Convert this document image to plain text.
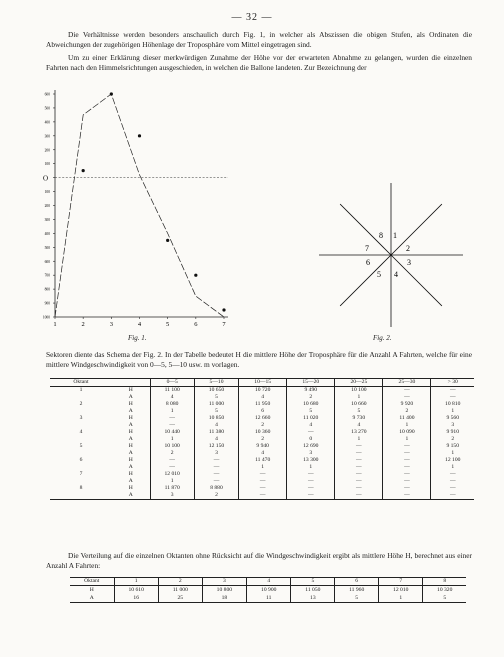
— 32 —
Die Verhältnisse werden besonders anschaulich durch Fig. 1, in welcher als Abszissen die obigen Stufen, als Ordinaten die Abweichungen der zugehörigen Höhenlage der Troposphäre vom Mittel eingetragen sind.
Um zu einer Erklärung dieser merkwürdigen Zunahme der Höhe vor der erwarteten Abnahme zu gelangen, wurden die einzelnen Fahrten nach den Himmelsrichtungen ausgeschieden, in welchen die Ballone landeten. Zur Bezeichnung der
600
500
400
300
200
100
O
100
200
300
400
500
600
700
800
900
1000
1	2	3	4	5	6	7
Fig. 1.
1
2
3
4
5
6
7
8
Fig. 2.
Sektoren diente das Schema der Fig. 2. In der Tabelle bedeutet H die mittlere Höhe der Troposphäre für die Anzahl A Fahrten, welche für eine mittlere Windgeschwindigkeit von 0—5, 5—10 usw. m vorlagen.
Oktant		0—5	5—10	10—15	15—20	20—25	25—30	> 30
1	H	11 100	10 650	10 720	9 490	10 100	—	—
	A	4	5	4	2	1	—	—
2	H	8 080	11 000	11 950	10 680	10 660	9 920	10 810
	A	1	5	6	5	5	2	1
3	H	—	10 850	12 660	11 020	9 730	11 400	9 560
	A	—	4	2	4	4	1	3
4	H	10 440	11 380	10 360	—	13 270	10 090	9 910
	A	1	4	2	0	1	1	2
5	H	10 100	12 150	9 940	12 690	—	—	9 150
	A	2	3	4	3	—	—	1
6	H	—	—	11 470	13 300	—	—	12 100
	A	—	—	1	1	—	—	1
7	H	12 010	—	—	—	—	—	—
	A	1	—	—	—	—	—	—
8	H	11 870	8 880	—	—	—	—	—
	A	3	2	—	—	—	—	—
Die Verteilung auf die einzelnen Oktanten ohne Rücksicht auf die Windgeschwindigkeit ergibt als mittlere Höhe H, berechnet aus einer Anzahl A Fahrten:
Oktant	1	2	3	4	5	6	7	8
H	10 610	11 000	10 800	10 900	11 050	11 960	12 010	10 320
A	16	25	18	11	13	5	1	5
